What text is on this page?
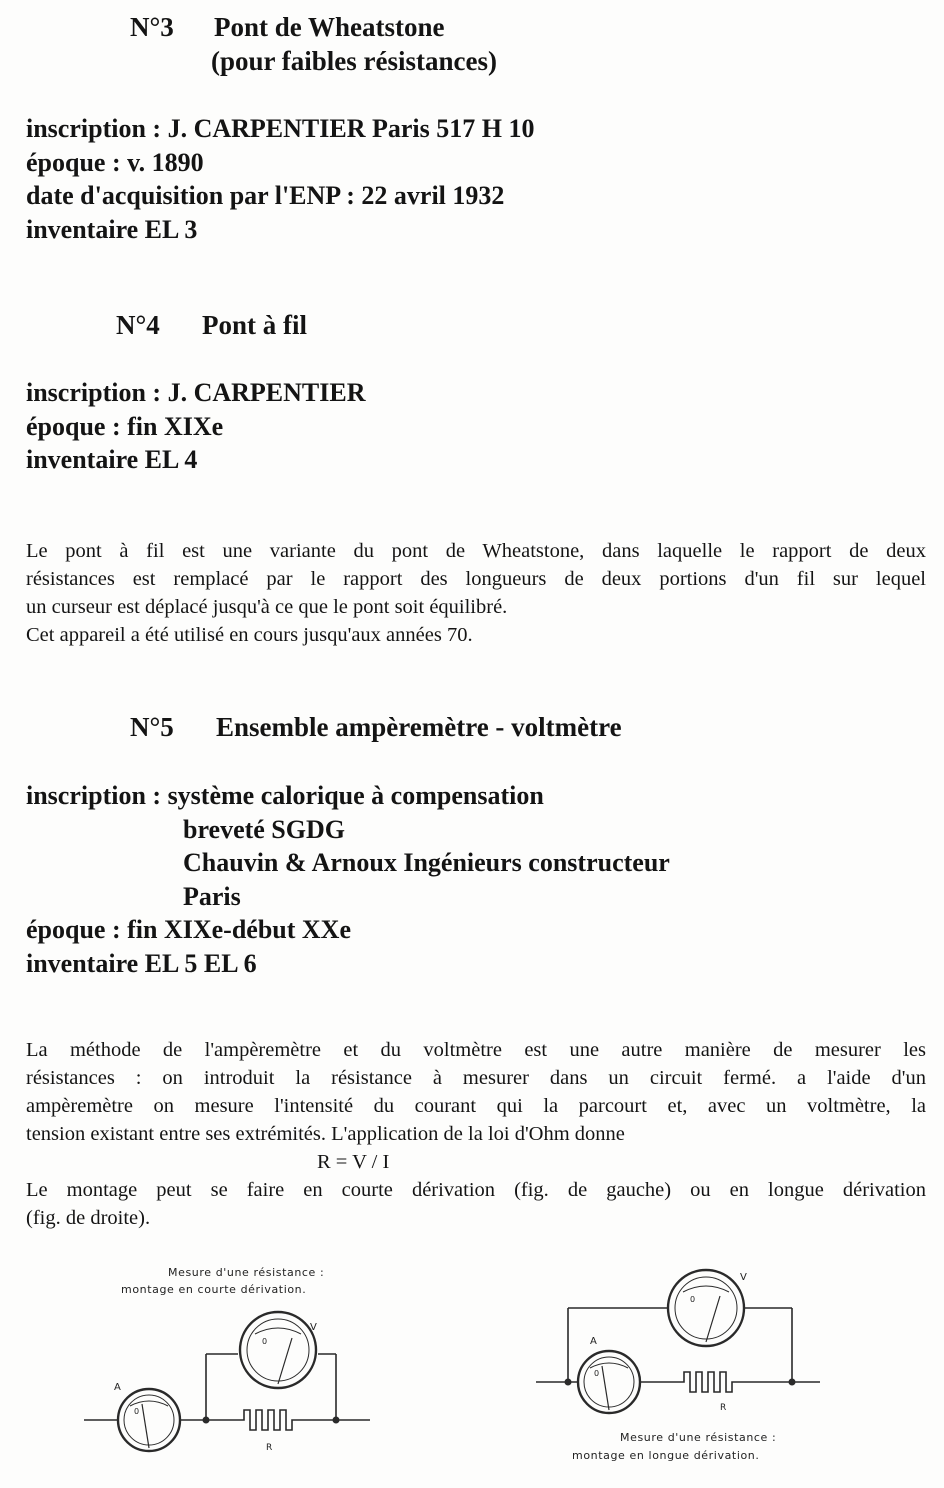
N°3 Pont de Wheatstone
(pour faibles résistances)
inscription : J. CARPENTIER Paris 517 H 10
époque : v. 1890
date d'acquisition par l'ENP : 22 avril 1932
inventaire EL 3
N°4 Pont à fil
inscription : J. CARPENTIER
époque : fin XIXe
inventaire EL 4
Le pont à fil est une variante du pont de Wheatstone, dans laquelle le rapport de deux
résistances est remplacé par le rapport des longueurs de deux portions d'un fil sur lequel
un curseur est déplacé jusqu'à ce que le pont soit équilibré.
Cet appareil a été utilisé en cours jusqu'aux années 70.
N°5 Ensemble ampèremètre - voltmètre
inscription : système calorique à compensation
breveté SGDG
Chauvin & Arnoux Ingénieurs constructeur
Paris
époque : fin XIXe-début XXe
inventaire EL 5 EL 6
La méthode de l'ampèremètre et du voltmètre est une autre manière de mesurer les
résistances : on introduit la résistance à mesurer dans un circuit fermé. a l'aide d'un
ampèremètre on mesure l'intensité du courant qui la parcourt et, avec un voltmètre, la
tension existant entre ses extrémités. L'application de la loi d'Ohm donne
R = V / I
Le montage peut se faire en courte dérivation (fig. de gauche) ou en longue dérivation
(fig. de droite).
Mesure d'une résistance :
montage en courte dérivation.
A
V
R
0
0	A
V
R
0
0
Mesure d'une résistance :
montage en longue dérivation.
